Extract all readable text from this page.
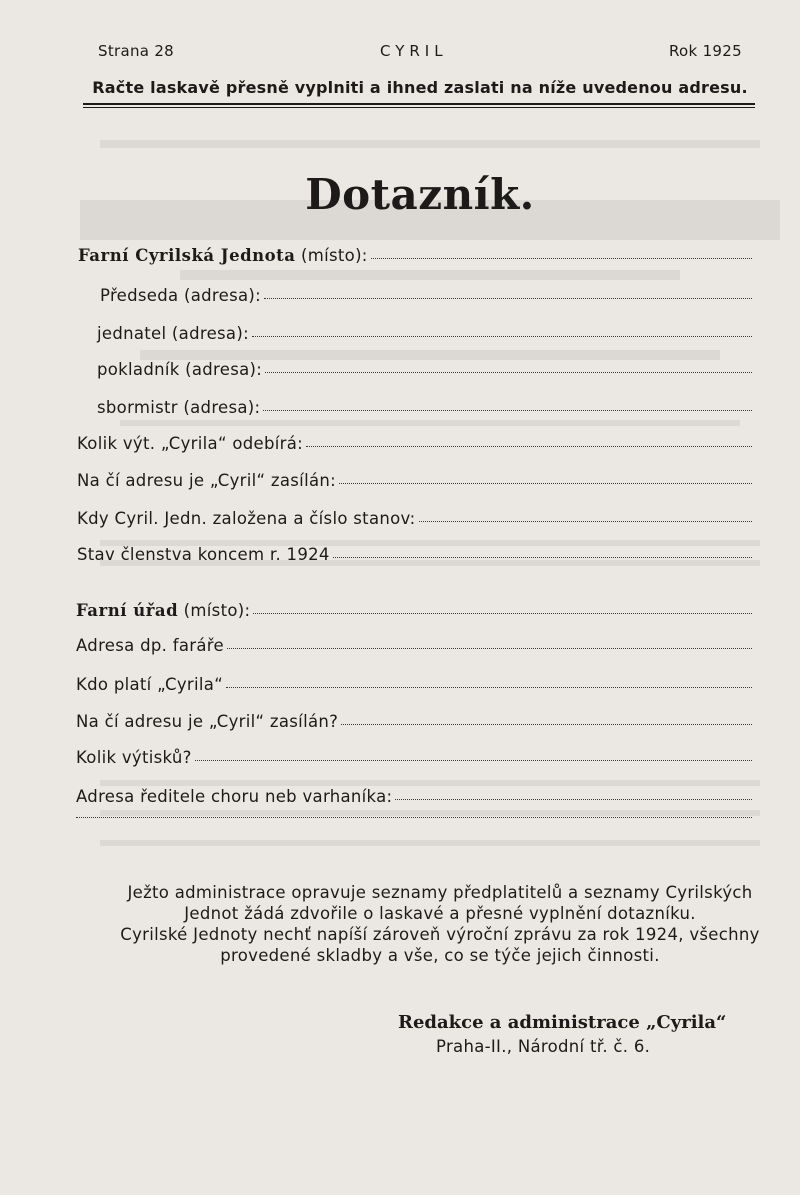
Strana 28	CYRIL	Rok 1925
Račte laskavě přesně vyplniti a ihned zaslati na níže uvedenou adresu.
Dotazník.
Farní Cyrilská Jednota (místo):
Předseda (adresa):
jednatel (adresa):
pokladník (adresa):
sbormistr (adresa):
Kolik výt. „Cyrila“ odebírá:
Na čí adresu je „Cyril“ zasílán:
Kdy Cyril. Jedn. založena a číslo stanov:
Stav členstva koncem r. 1924
Farní úřad (místo):
Adresa dp. faráře
Kdo platí „Cyrila“
Na čí adresu je „Cyril“ zasílán?
Kolik výtisků?
Adresa ředitele choru neb varhaníka:
Ježto administrace opravuje seznamy předplatitelů a seznamy Cyrilských
Jednot žádá zdvořile o laskavé a přesné vyplnění dotazníku.
Cyrilské Jednoty nechť napíší zároveň výroční zprávu za rok 1924, všechny
provedené skladby a vše, co se týče jejich činnosti.
Redakce a administrace „Cyrila“
Praha-II., Národní tř. č. 6.
